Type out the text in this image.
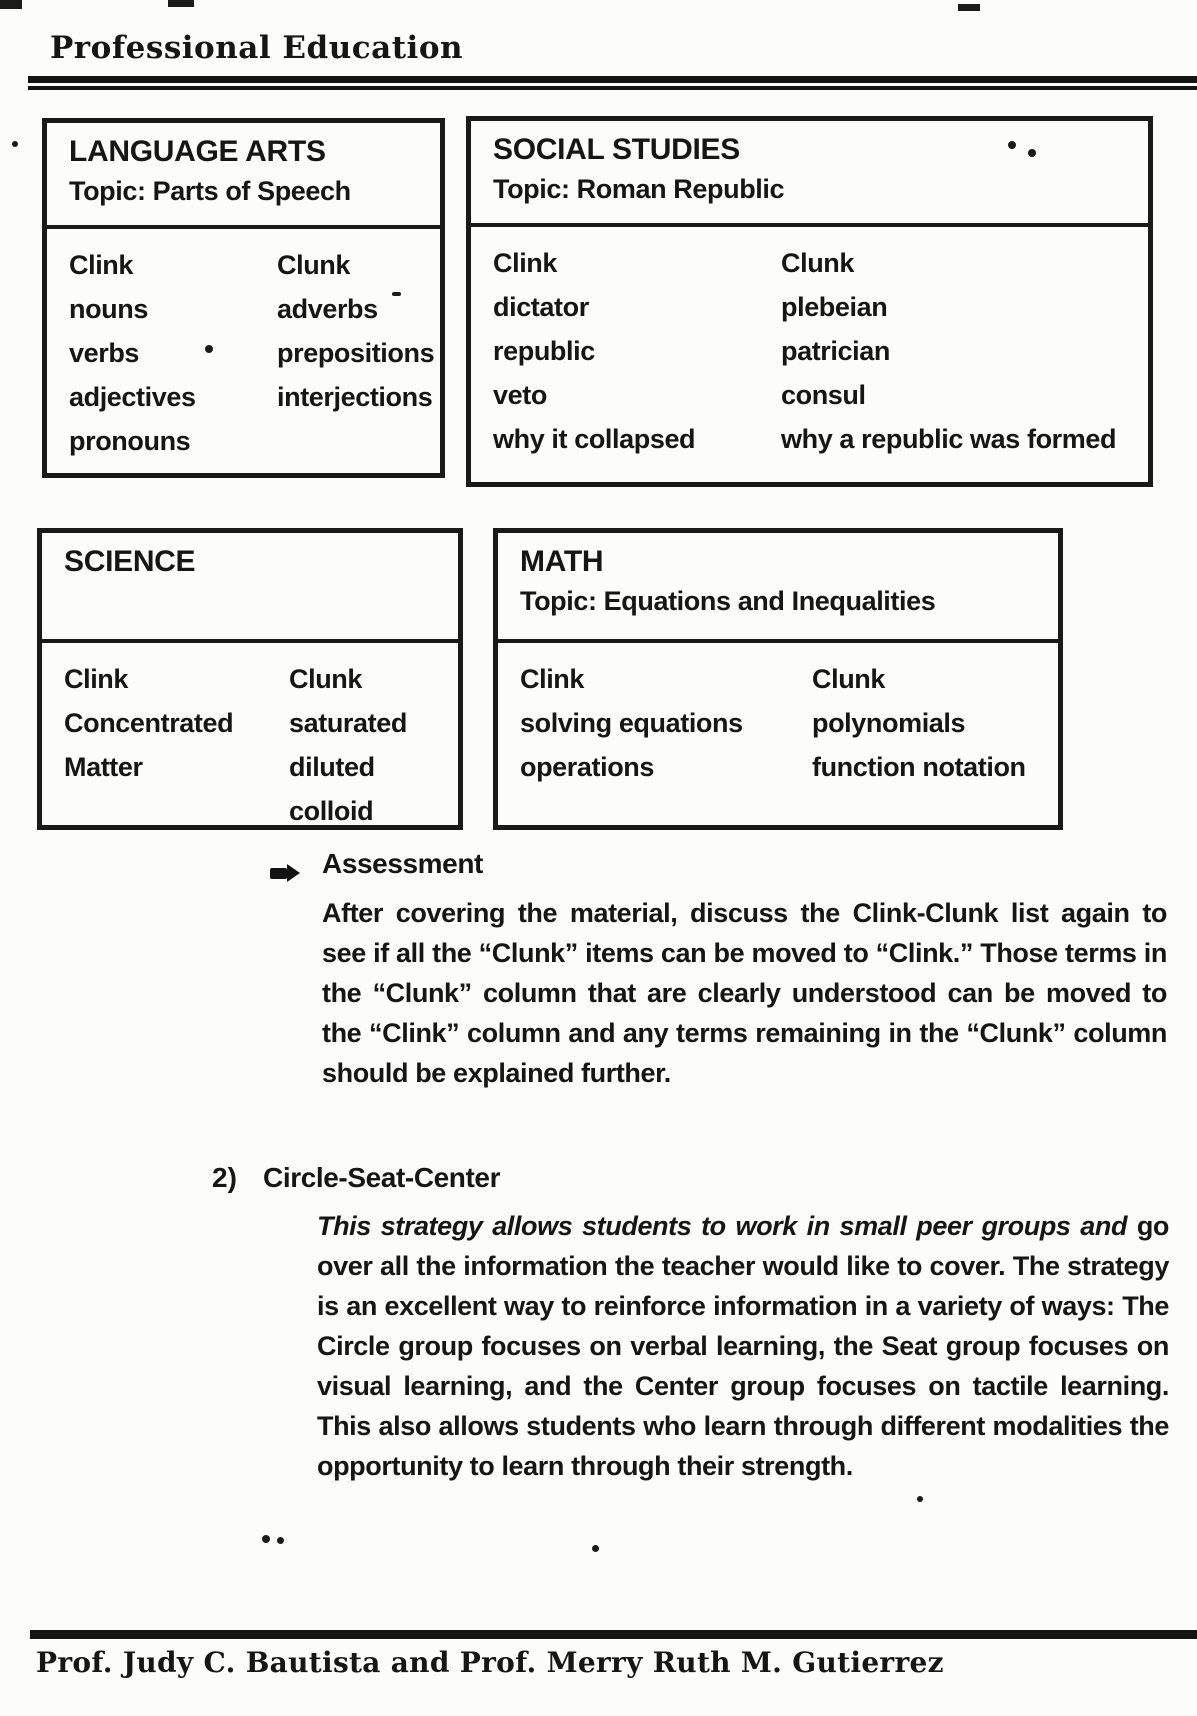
Professional Education
LANGUAGE ARTS
Topic: Parts of Speech
Clink
nouns
verbs
adjectives
pronouns
Clunk
adverbs
prepositions
interjections
SOCIAL STUDIES
Topic: Roman Republic
Clink
dictator
republic
veto
why it collapsed
Clunk
plebeian
patrician
consul
why a republic was formed
SCIENCE
Clink
Concentrated
Matter
Clunk
saturated
diluted
colloid
MATH
Topic: Equations and Inequalities
Clink
solving equations
operations
Clunk
polynomials
function notation
Assessment

After covering the material, discuss the Clink-Clunk list again to see if all the “Clunk” items can be moved to “Clink.” Those terms in the “Clunk” column that are clearly understood can be moved to the “Clink” column and any terms remaining in the “Clunk” column should be explained further.

2) Circle-Seat-Center

This strategy allows students to work in small peer groups and go over all the information the teacher would like to cover. The strategy is an excellent way to reinforce information in a variety of ways: The Circle group focuses on verbal learning, the Seat group focuses on visual learning, and the Center group focuses on tactile learning. This also allows students who learn through different modalities the opportunity to learn through their strength.

Prof. Judy C. Bautista and Prof. Merry Ruth M. Gutierrez
